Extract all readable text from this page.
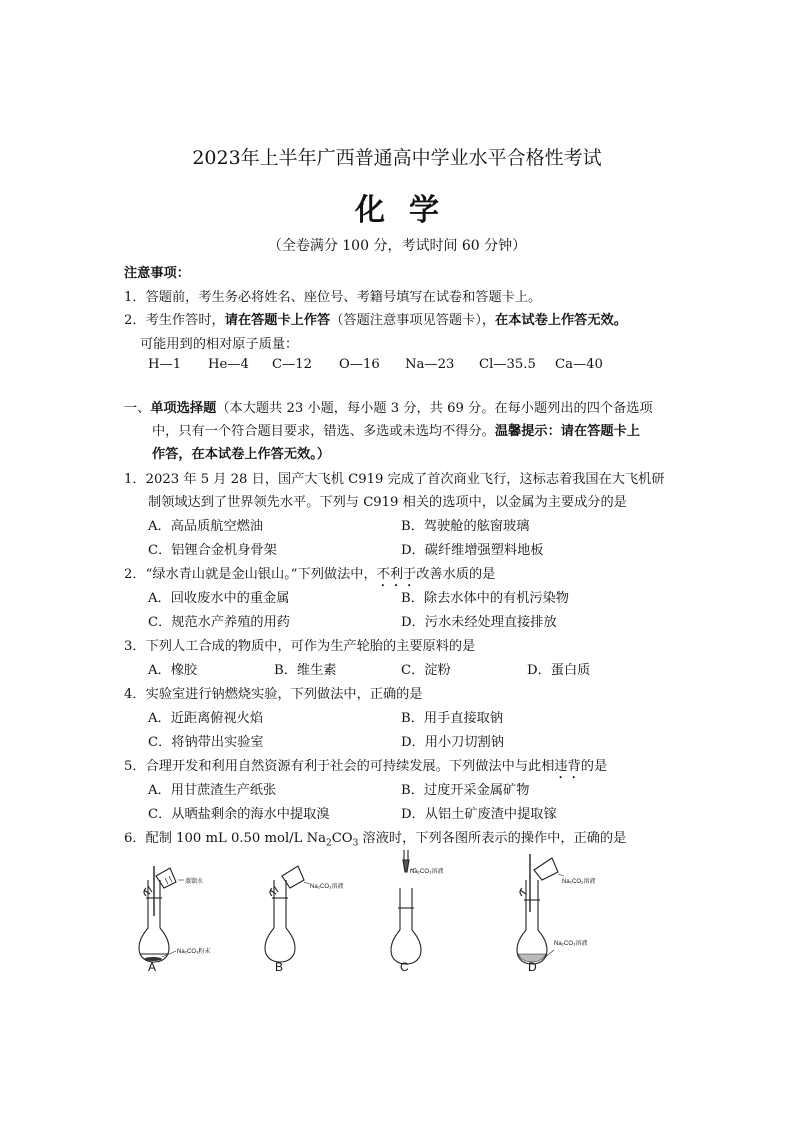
2023年上半年广西普通高中学业水平合格性考试
化学
（全卷满分 100 分，考试时间 60 分钟）
注意事项：
1．答题前，考生务必将姓名、座位号、考籍号填写在试卷和答题卡上。
2．考生作答时，请在答题卡上作答（答题注意事项见答题卡），在本试卷上作答无效。
可能用到的相对原子质量：
H—1 He—4 C—12 O—16 Na—23 Cl—35.5 Ca—40
一、单项选择题（本大题共 23 小题，每小题 3 分，共 69 分。在每小题列出的四个备选项
中，只有一个符合题目要求，错选、多选或未选均不得分。温馨提示：请在答题卡上
作答，在本试卷上作答无效。）
1．2023 年 5 月 28 日，国产大飞机 C919 完成了首次商业飞行，这标志着我国在大飞机研
制领域达到了世界领先水平。下列与 C919 相关的选项中，以金属为主要成分的是
A．高品质航空燃油	B．驾驶舱的舷窗玻璃
C．铝锂合金机身骨架	D．碳纤维增强塑料地板
2．“绿水青山就是金山银山。”下列做法中，不利于改善水质的是
A．回收废水中的重金属	B．除去水体中的有机污染物
C．规范水产养殖的用药	D．污水未经处理直接排放
3．下列人工合成的物质中，可作为生产轮胎的主要原料的是
A．橡胶	B．维生素	C．淀粉	D．蛋白质
4．实验室进行钠燃烧实验，下列做法中，正确的是
A．近距离俯视火焰	B．用手直接取钠
C．将钠带出实验室	D．用小刀切割钠
5．合理开发和利用自然资源有利于社会的可持续发展。下列做法中与此相违背的是
A．用甘蔗渣生产纸张	B．过度开采金属矿物
C．从晒盐剩余的海水中提取溴	D．从铝土矿废渣中提取镓
6．配制 100 mL 0.50 mol/L $Na_2CO_3$ 溶液时，下列各图所表示的操作中，正确的是
蒸馏水
Na₂CO₃粉末
A
Na₂CO₃溶液
B
Na₂CO₃溶液
C
Na₂CO₃溶液
Na₂CO₃溶液
D
